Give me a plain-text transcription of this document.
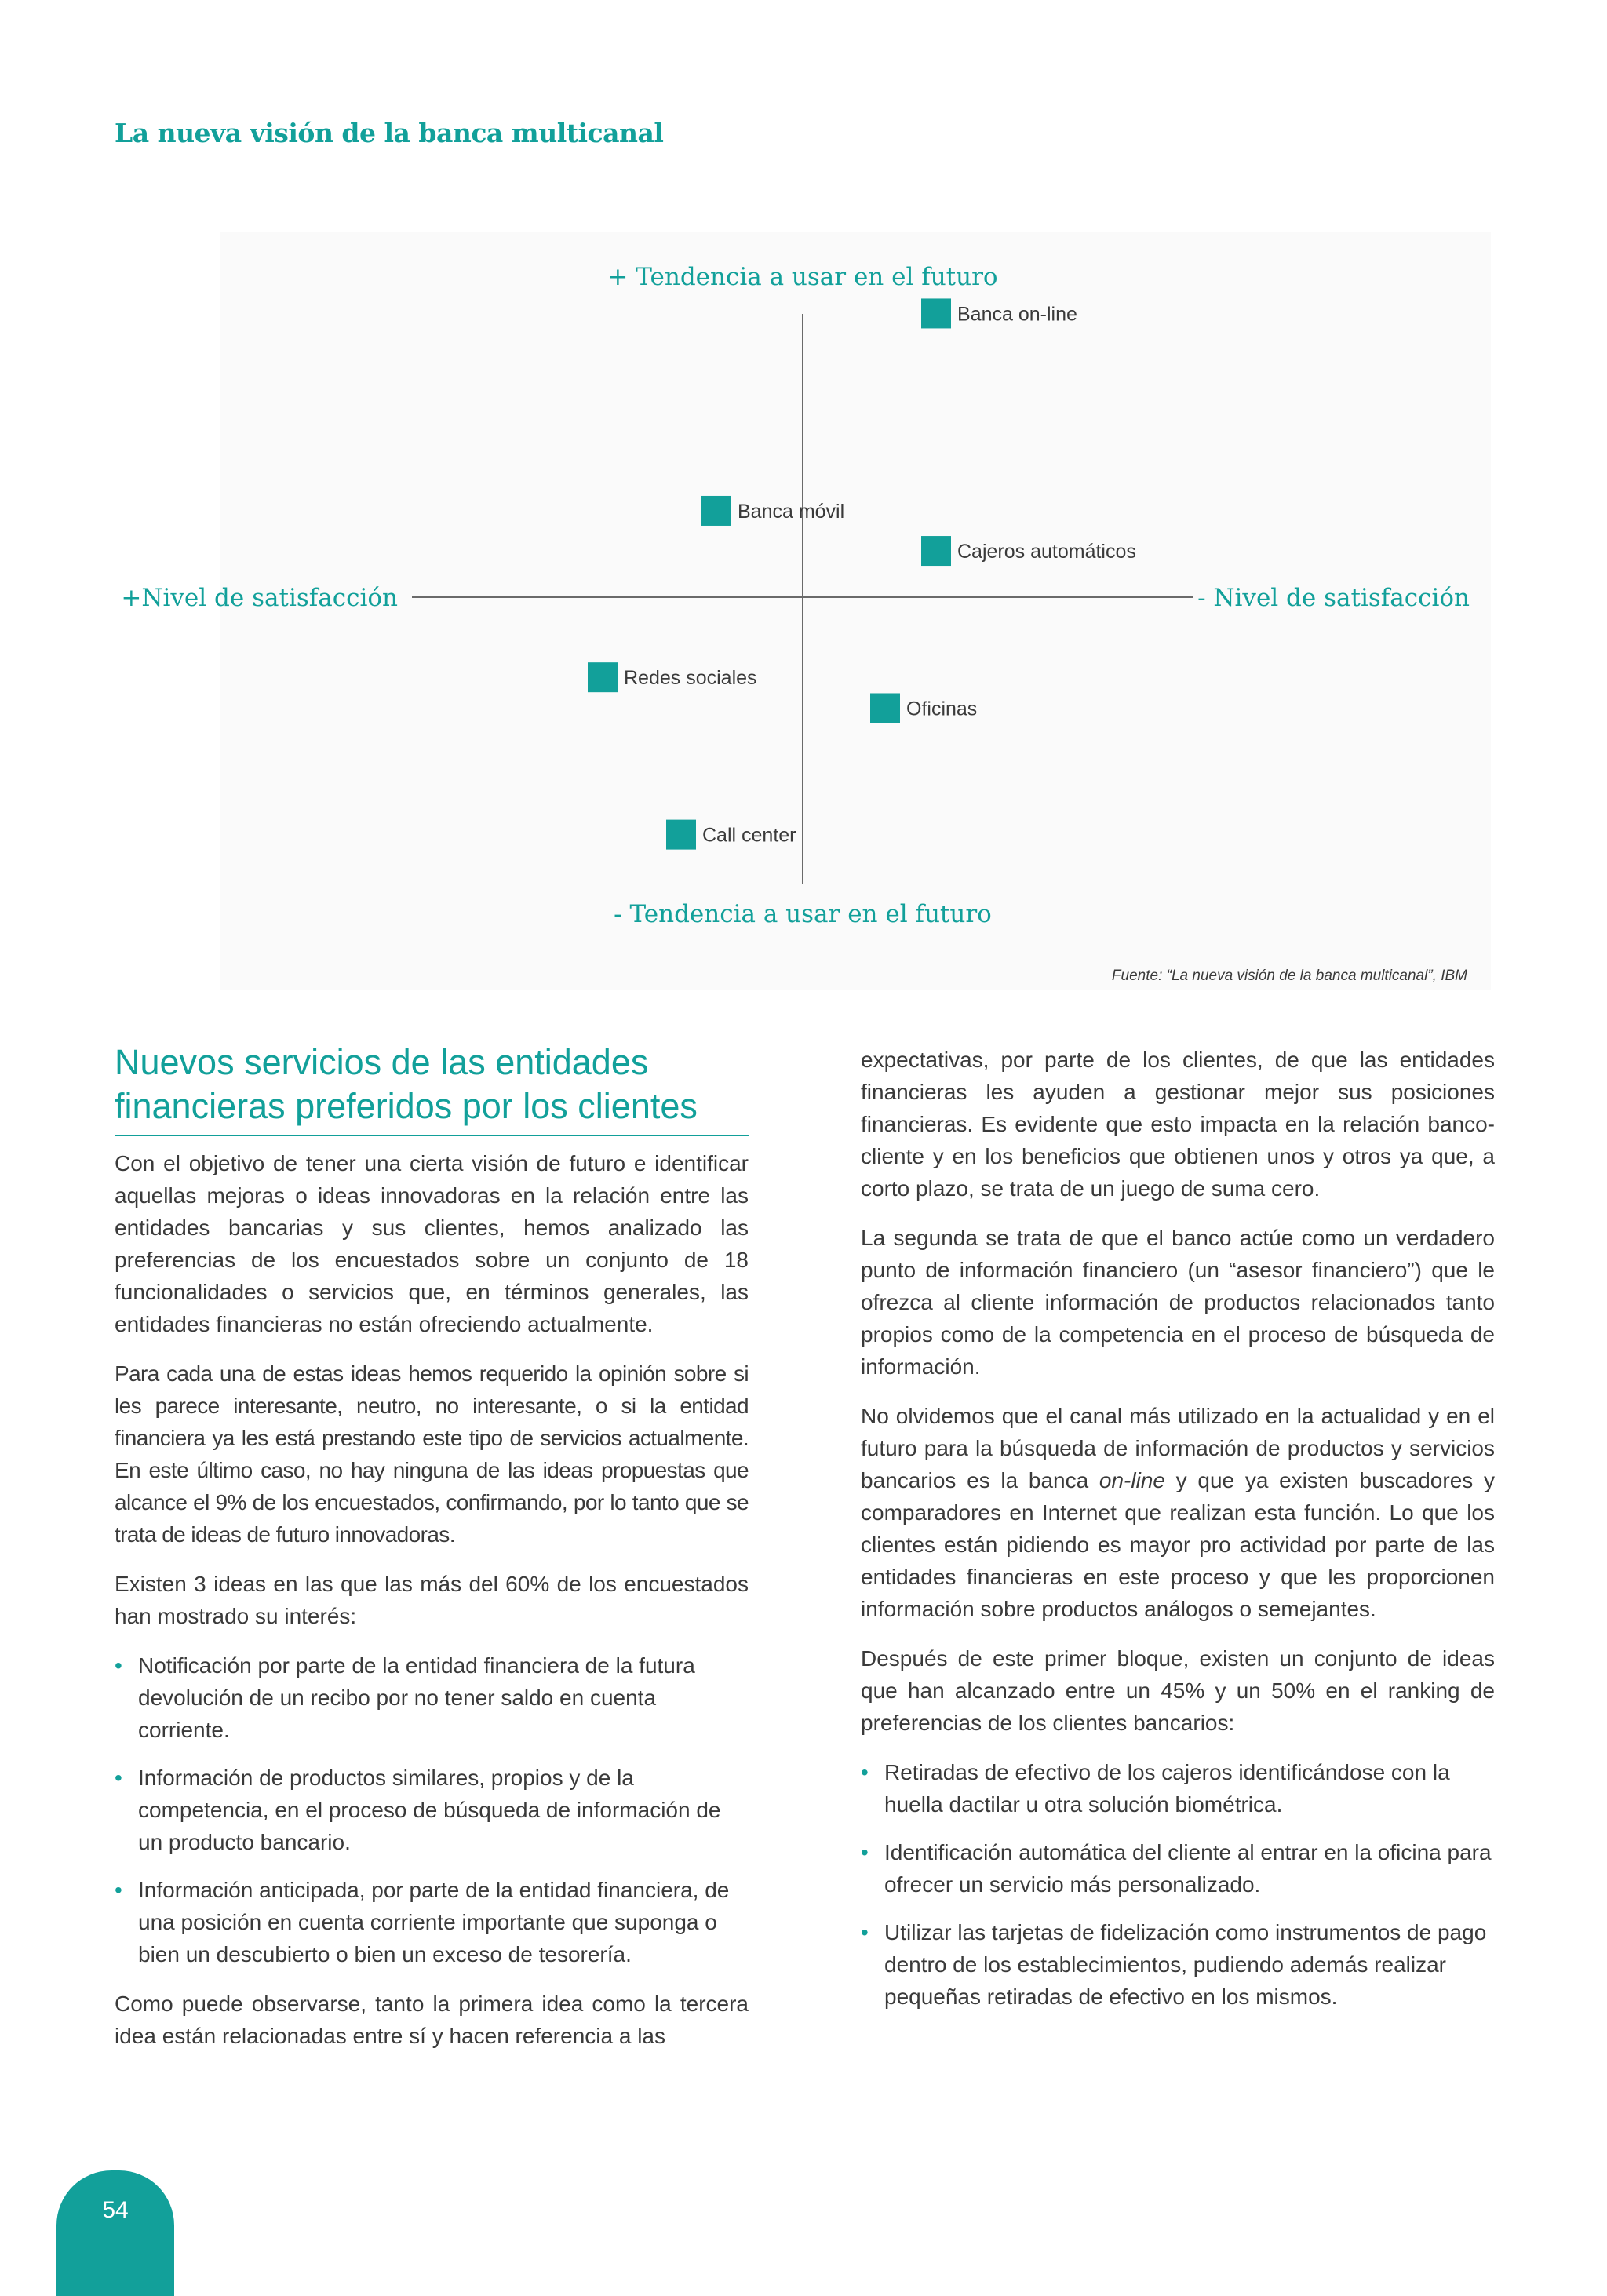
La nueva visión de la banca multicanal
+ Tendencia a usar en el futuro
- Tendencia a usar en el futuro
+Nivel de satisfacción	- Nivel de satisfacción
Banca on-line
Banca móvil
Cajeros automáticos
Redes sociales
Oficinas
Call center
Fuente: “La nueva visión de la banca multicanal”, IBM
Nuevos servicios de las entidades
financieras preferidos por los clientes

Con el objetivo de tener una cierta visión de futuro e identificar aquellas mejoras o ideas innovadoras en la relación entre las entidades bancarias y sus clientes, hemos analizado las preferencias de los encuestados sobre un conjunto de 18 funcionalidades o servicios que, en términos generales, las entidades financieras no están ofreciendo actualmente.

Para cada una de estas ideas hemos requerido la opinión sobre si les parece interesante, neutro, no interesante, o si la entidad financiera ya les está prestando este tipo de servicios actualmente. En este último caso, no hay ninguna de las ideas propuestas que alcance el 9% de los encuestados, confirmando, por lo tanto que se trata de ideas de futuro innovadoras.

Existen 3 ideas en las que las más del 60% de los encuestados han mostrado su interés:

• Notificación por parte de la entidad financiera de la futura devolución de un recibo por no tener saldo en cuenta corriente.
• Información de productos similares, propios y de la competencia, en el proceso de búsqueda de información de un producto bancario.
• Información anticipada, por parte de la entidad financiera, de una posición en cuenta corriente importante que suponga o bien un descubierto o bien un exceso de tesorería.

Como puede observarse, tanto la primera idea como la tercera idea están relacionadas entre sí y hacen referencia a las

expectativas, por parte de los clientes, de que las entidades financieras les ayuden a gestionar mejor sus posiciones financieras. Es evidente que esto impacta en la relación banco-cliente y en los beneficios que obtienen unos y otros ya que, a corto plazo, se trata de un juego de suma cero.

La segunda se trata de que el banco actúe como un verdadero punto de información financiero (un “asesor financiero”) que le ofrezca al cliente información de productos relacionados tanto propios como de la competencia en el proceso de búsqueda de información.

No olvidemos que el canal más utilizado en la actualidad y en el futuro para la búsqueda de información de productos y servicios bancarios es la banca on-line y que ya existen buscadores y comparadores en Internet que realizan esta función. Lo que los clientes están pidiendo es mayor pro actividad por parte de las entidades financieras en este proceso y que les proporcionen información sobre productos análogos o semejantes.

Después de este primer bloque, existen un conjunto de ideas que han alcanzado entre un 45% y un 50% en el ranking de preferencias de los clientes bancarios:

• Retiradas de efectivo de los cajeros identificándose con la huella dactilar u otra solución biométrica.
• Identificación automática del cliente al entrar en la oficina para ofrecer un servicio más personalizado.
• Utilizar las tarjetas de fidelización como instrumentos de pago dentro de los establecimientos, pudiendo además realizar pequeñas retiradas de efectivo en los mismos.
54
